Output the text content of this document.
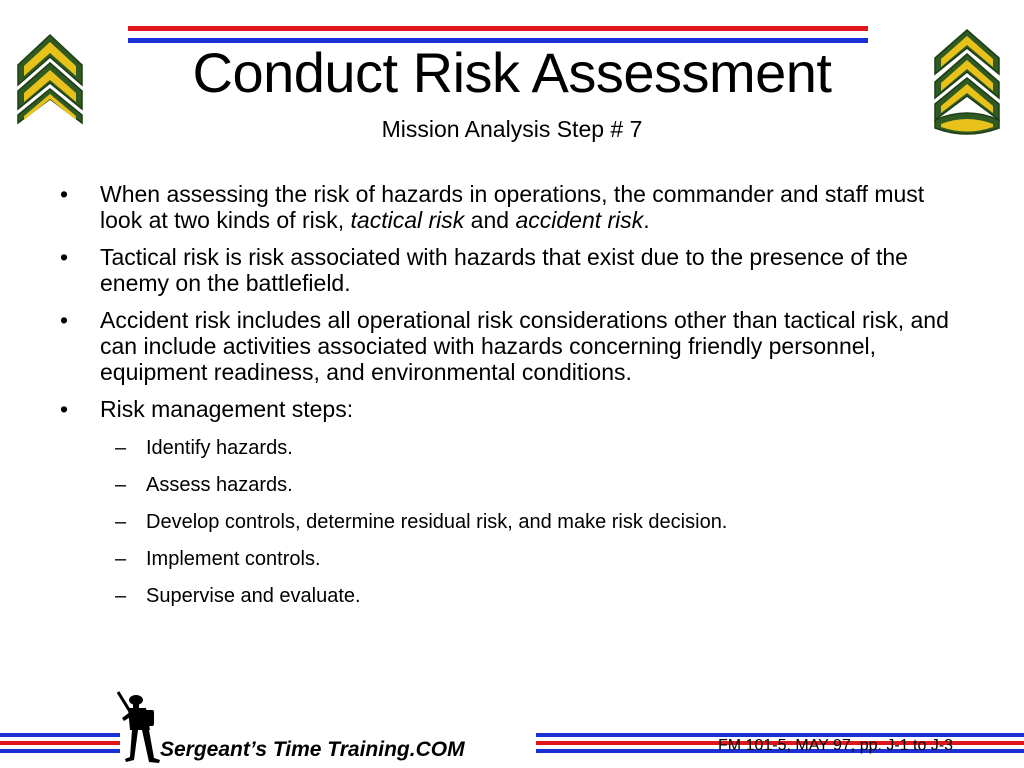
Conduct Risk Assessment
Mission Analysis Step # 7
• When assessing the risk of hazards in operations, the commander and staff must look at two kinds of risk, tactical risk and accident risk.
• Tactical risk is risk associated with hazards that exist due to the presence of the enemy on the battlefield.
• Accident risk includes all operational risk considerations other than tactical risk, and can include activities associated with hazards concerning friendly personnel, equipment readiness, and environmental conditions.
• Risk management steps:
– Identify hazards.
– Assess hazards.
– Develop controls, determine residual risk, and make risk decision.
– Implement controls.
– Supervise and evaluate.
Sergeant’s Time Training.COM	FM 101-5, MAY 97, pp. J-1 to J-3
